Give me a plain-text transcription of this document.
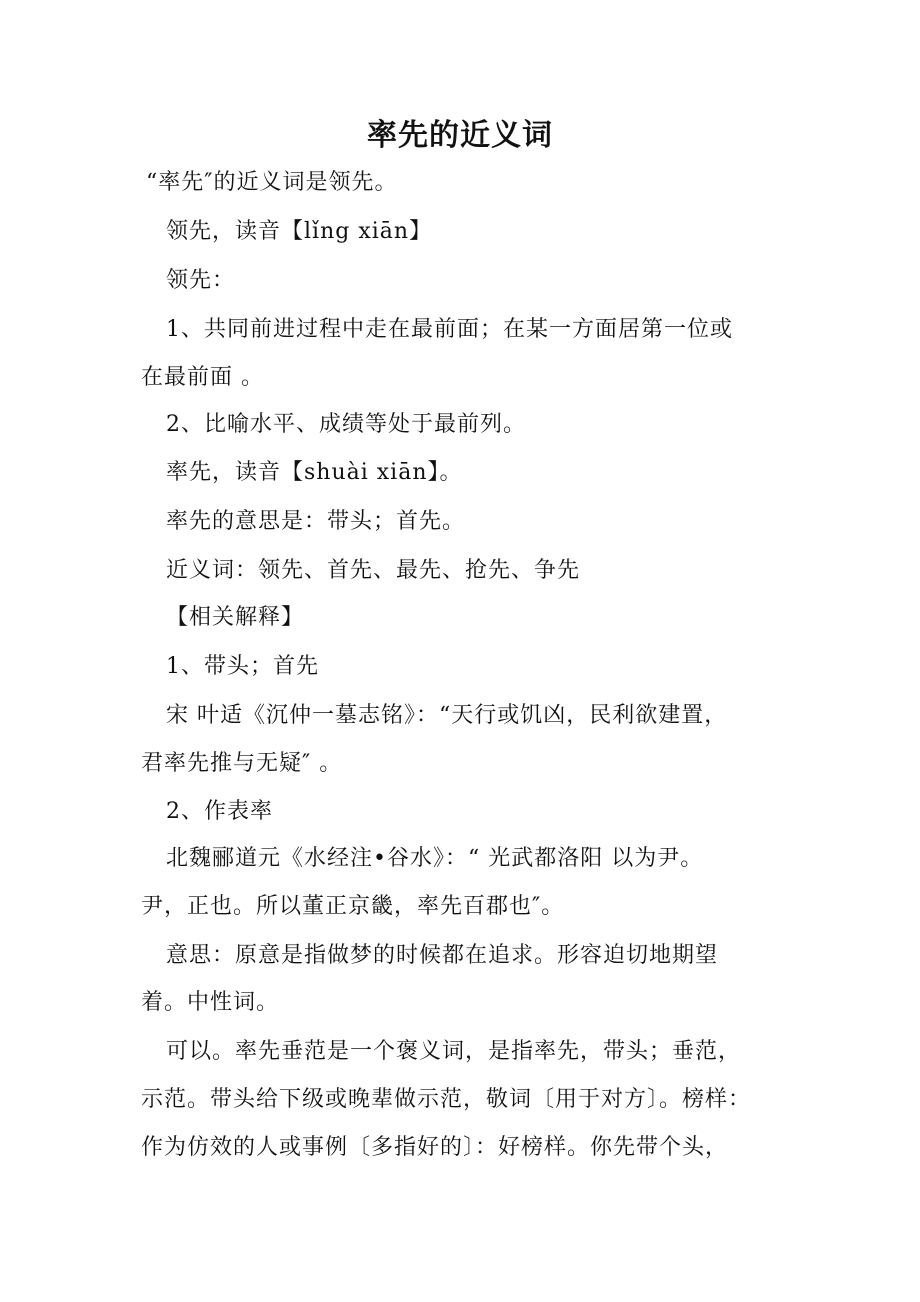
率先的近义词
“率先″的近义词是领先。
领先，读音【lǐng xiān】
领先：
1、共同前进过程中走在最前面；在某一方面居第一位或
在最前面 。
2、比喻水平、成绩等处于最前列。
率先，读音【shuài xiān】。
率先的意思是：带头；首先。
近义词：领先、首先、最先、抢先、争先
【相关解释】
1、带头；首先
宋 叶适《沉仲一墓志铭》：“天行或饥凶，民利欲建置，
君率先推与无疑″ 。
2、作表率
北魏郦道元《水经注•谷水》：“ 光武都洛阳 以为尹。
尹，正也。所以董正京畿，率先百郡也″。
意思：原意是指做梦的时候都在追求。形容迫切地期望
着。中性词。
可以。率先垂范是一个褒义词，是指率先，带头；垂范，
示范。带头给下级或晚辈做示范，敬词〔用于对方〕。榜样：
作为仿效的人或事例〔多指好的〕：好榜样。你先带个头，
